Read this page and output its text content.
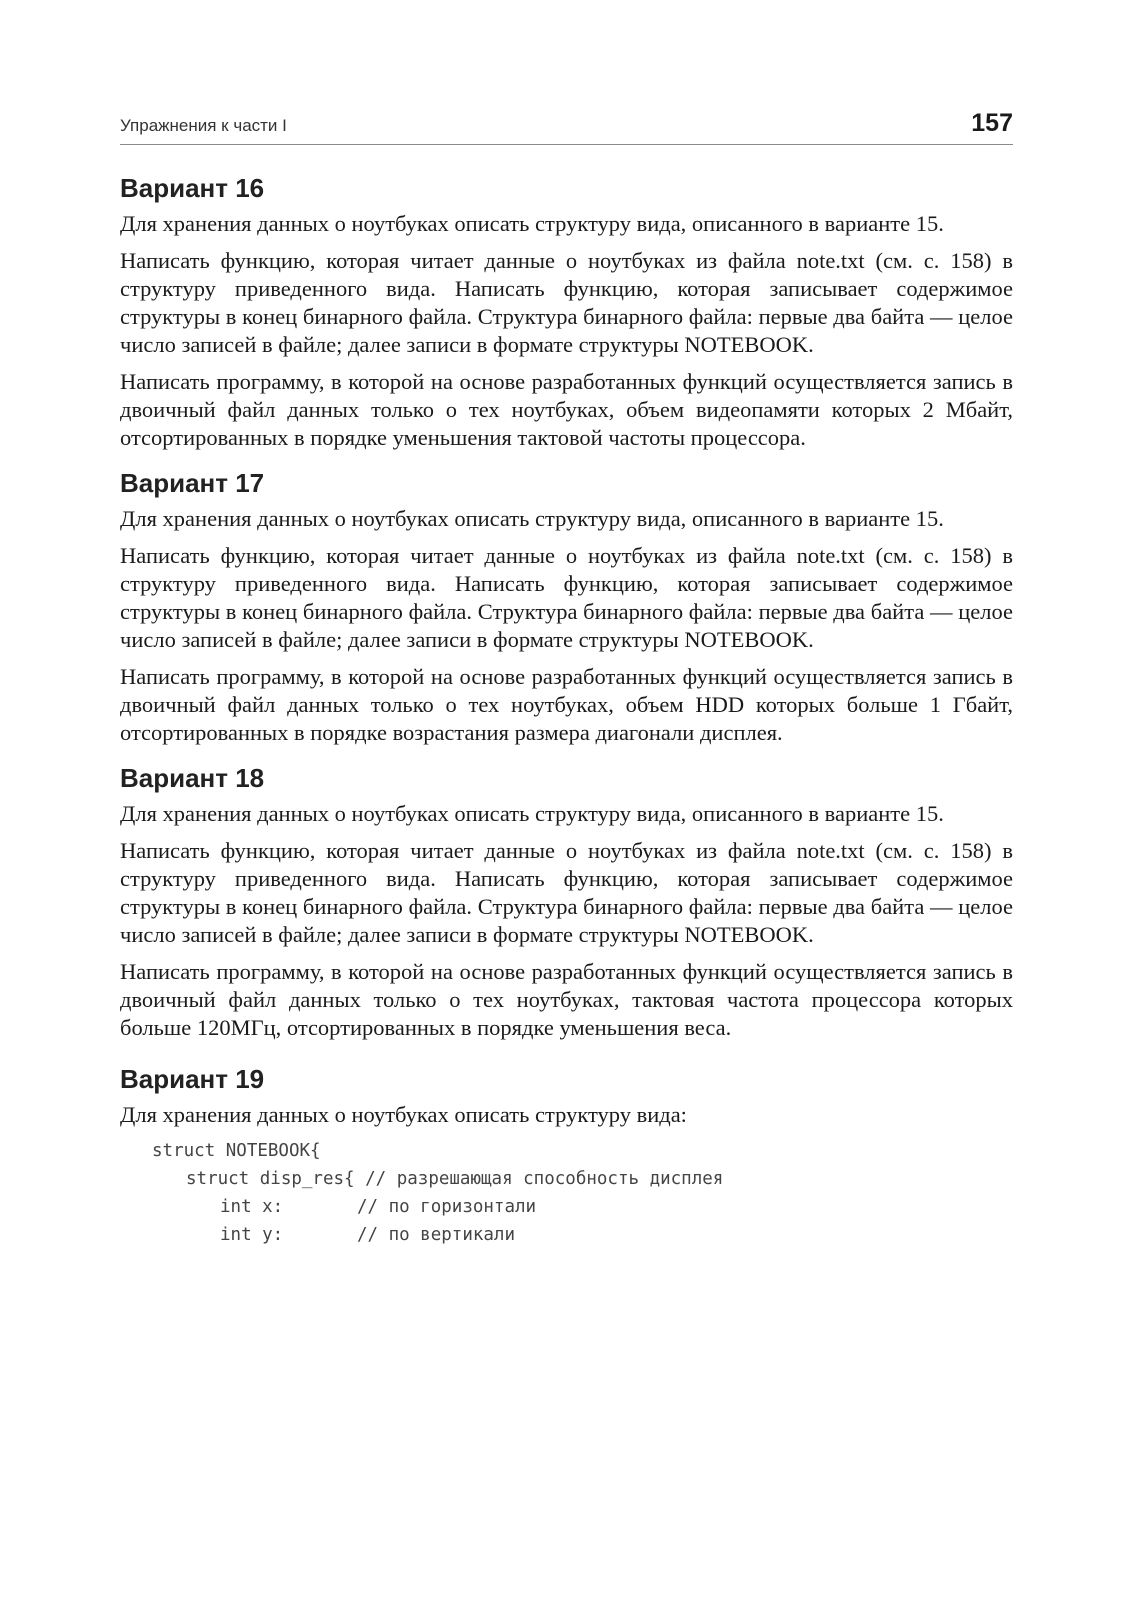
Упражнения к части I	157
Вариант 16

Для хранения данных о ноутбуках описать структуру вида, описанного в варианте 15.

Написать функцию, которая читает данные о ноутбуках из файла note.txt (см. с. 158) в структуру приведенного вида. Написать функцию, которая записывает содержимое структуры в конец бинарного файла. Структура бинарного файла: первые два байта — целое число записей в файле; далее записи в формате структуры NOTEBOOK.

Написать программу, в которой на основе разработанных функций осуществляется запись в двоичный файл данных только о тех ноутбуках, объем видеопамяти которых 2 Мбайт, отсортированных в порядке уменьшения тактовой частоты процессора.

Вариант 17

Для хранения данных о ноутбуках описать структуру вида, описанного в варианте 15.

Написать функцию, которая читает данные о ноутбуках из файла note.txt (см. с. 158) в структуру приведенного вида. Написать функцию, которая записывает содержимое структуры в конец бинарного файла. Структура бинарного файла: первые два байта — целое число записей в файле; далее записи в формате структуры NOTEBOOK.

Написать программу, в которой на основе разработанных функций осуществляется запись в двоичный файл данных только о тех ноутбуках, объем HDD которых больше 1 Гбайт, отсортированных в порядке возрастания размера диагонали дисплея.

Вариант 18

Для хранения данных о ноутбуках описать структуру вида, описанного в варианте 15.

Написать функцию, которая читает данные о ноутбуках из файла note.txt (см. с. 158) в структуру приведенного вида. Написать функцию, которая записывает содержимое структуры в конец бинарного файла. Структура бинарного файла: первые два байта — целое число записей в файле; далее записи в формате структуры NOTEBOOK.

Написать программу, в которой на основе разработанных функций осуществляется запись в двоичный файл данных только о тех ноутбуках, тактовая частота процессора которых больше 120МГц, отсортированных в порядке уменьшения веса.

Вариант 19

Для хранения данных о ноутбуках описать структуру вида:

struct NOTEBOOK{
struct disp_res{ // разрешающая способность дисплея
int x:       // по горизонтали
int y:       // по вертикали
